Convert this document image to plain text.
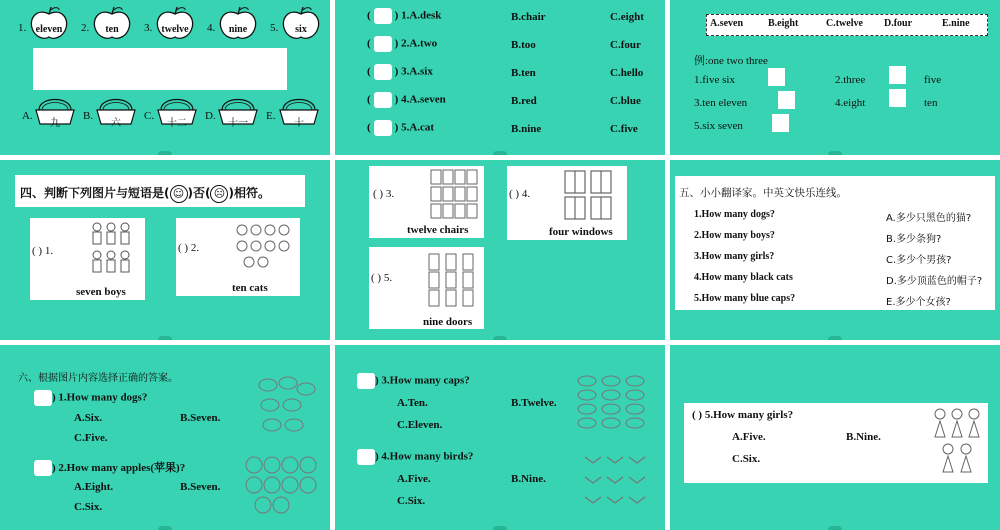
1. eleven	2.	ten	3. twelve	4.	nine	5.	six
A.
九
B.
六
C.
十二
D.
十一
E.
十
( ) 1.A.desk	B.chair	C.eight
( ) 2.A.two	B.too	C.four
( ) 3.A.six	B.ten	C.hello
( ) 4.A.seven	B.red	C.blue
( ) 5.A.cat	B.nine	C.five
A.seven B.eight	C.twelve D.four	E.nine
例:one two three
1.five six	2.three	five
3.ten eleven	4.eight	ten
5.six seven
四、判断下列图片与短语是( ☺ )否( ☹ )相符。
( ) 1.
seven boys
( ) 2.
ten cats
( ) 3.
twelve chairs
( ) 4.
four windows
( ) 5.
nine doors
五、小小翻译家。中英文快乐连线。
1.How many dogs?	A.多少只黑色的猫?
2.How many boys?	B.多少条狗?
3.How many girls?	C.多少个男孩?
4.How many black cats	D.多少顶蓝色的帽子?
5.How many blue caps?	E.多少个女孩?
六、根据图片内容选择正确的答案。
) 1.How many dogs?
A.Six.	B.Seven.
C.Five.
) 2.How many apples(苹果)?
A.Eight.	B.Seven.
C.Six.
) 3.How many caps?
A.Ten.	B.Twelve.
C.Eleven.
) 4.How many birds?
A.Five.	B.Nine.
C.Six.
( ) 5.How many girls?
A.Five.	B.Nine.
C.Six.
